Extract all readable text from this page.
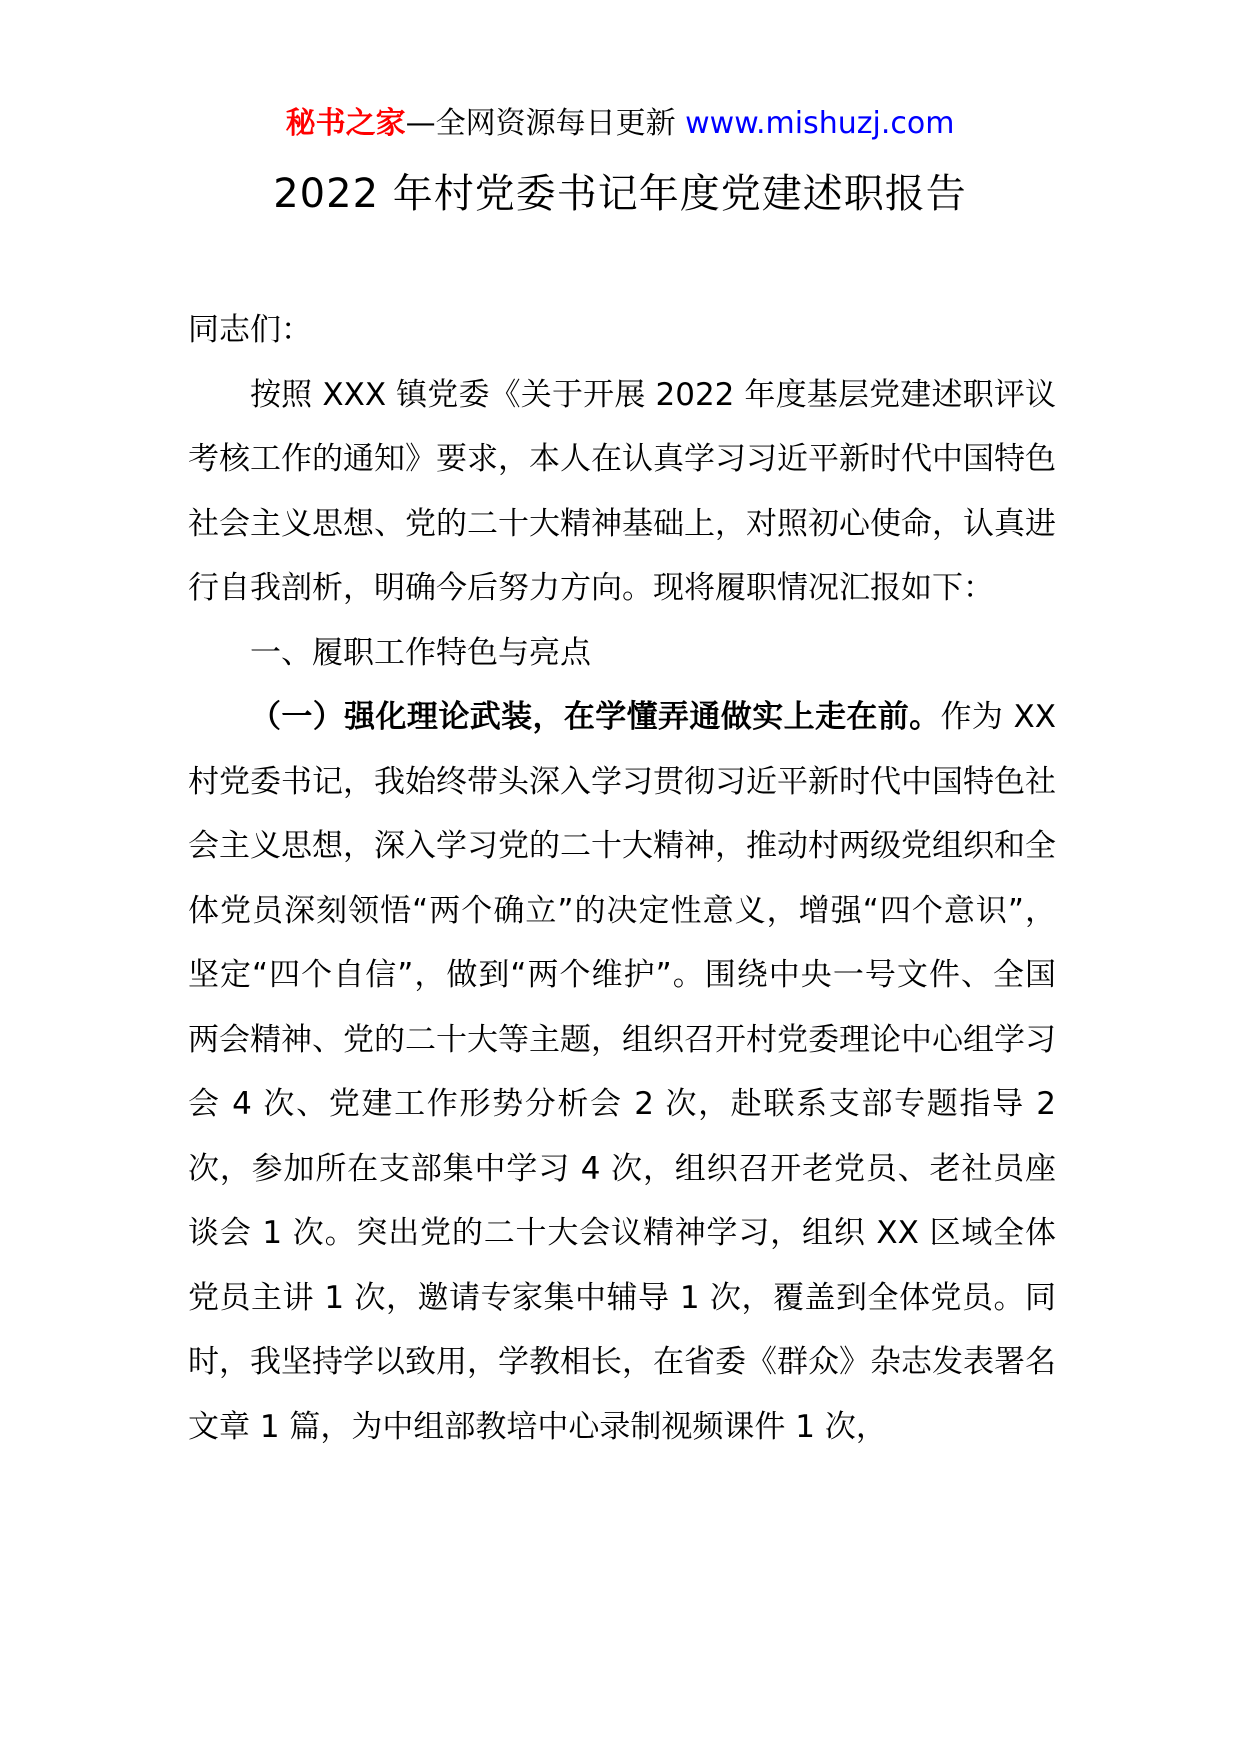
秘书之家—全网资源每日更新 www.mishuzj.com
2022 年村党委书记年度党建述职报告

同志们：

按照 XXX 镇党委《关于开展 2022 年度基层党建述职评议考核工作的通知》要求，本人在认真学习习近平新时代中国特色社会主义思想、党的二十大精神基础上，对照初心使命，认真进行自我剖析，明确今后努力方向。现将履职情况汇报如下：

一、履职工作特色与亮点

（一）强化理论武装，在学懂弄通做实上走在前。作为 XX 村党委书记，我始终带头深入学习贯彻习近平新时代中国特色社会主义思想，深入学习党的二十大精神，推动村两级党组织和全体党员深刻领悟“两个确立”的决定性意义，增强“四个意识”，坚定“四个自信”，做到“两个维护”。围绕中央一号文件、全国两会精神、党的二十大等主题，组织召开村党委理论中心组学习会 4 次、党建工作形势分析会 2 次，赴联系支部专题指导 2 次，参加所在支部集中学习 4 次，组织召开老党员、老社员座谈会 1 次。突出党的二十大会议精神学习，组织 XX 区域全体党员主讲 1 次，邀请专家集中辅导 1 次，覆盖到全体党员。同时，我坚持学以致用，学教相长，在省委《群众》杂志发表署名文章 1 篇，为中组部教培中心录制视频课件 1 次，
